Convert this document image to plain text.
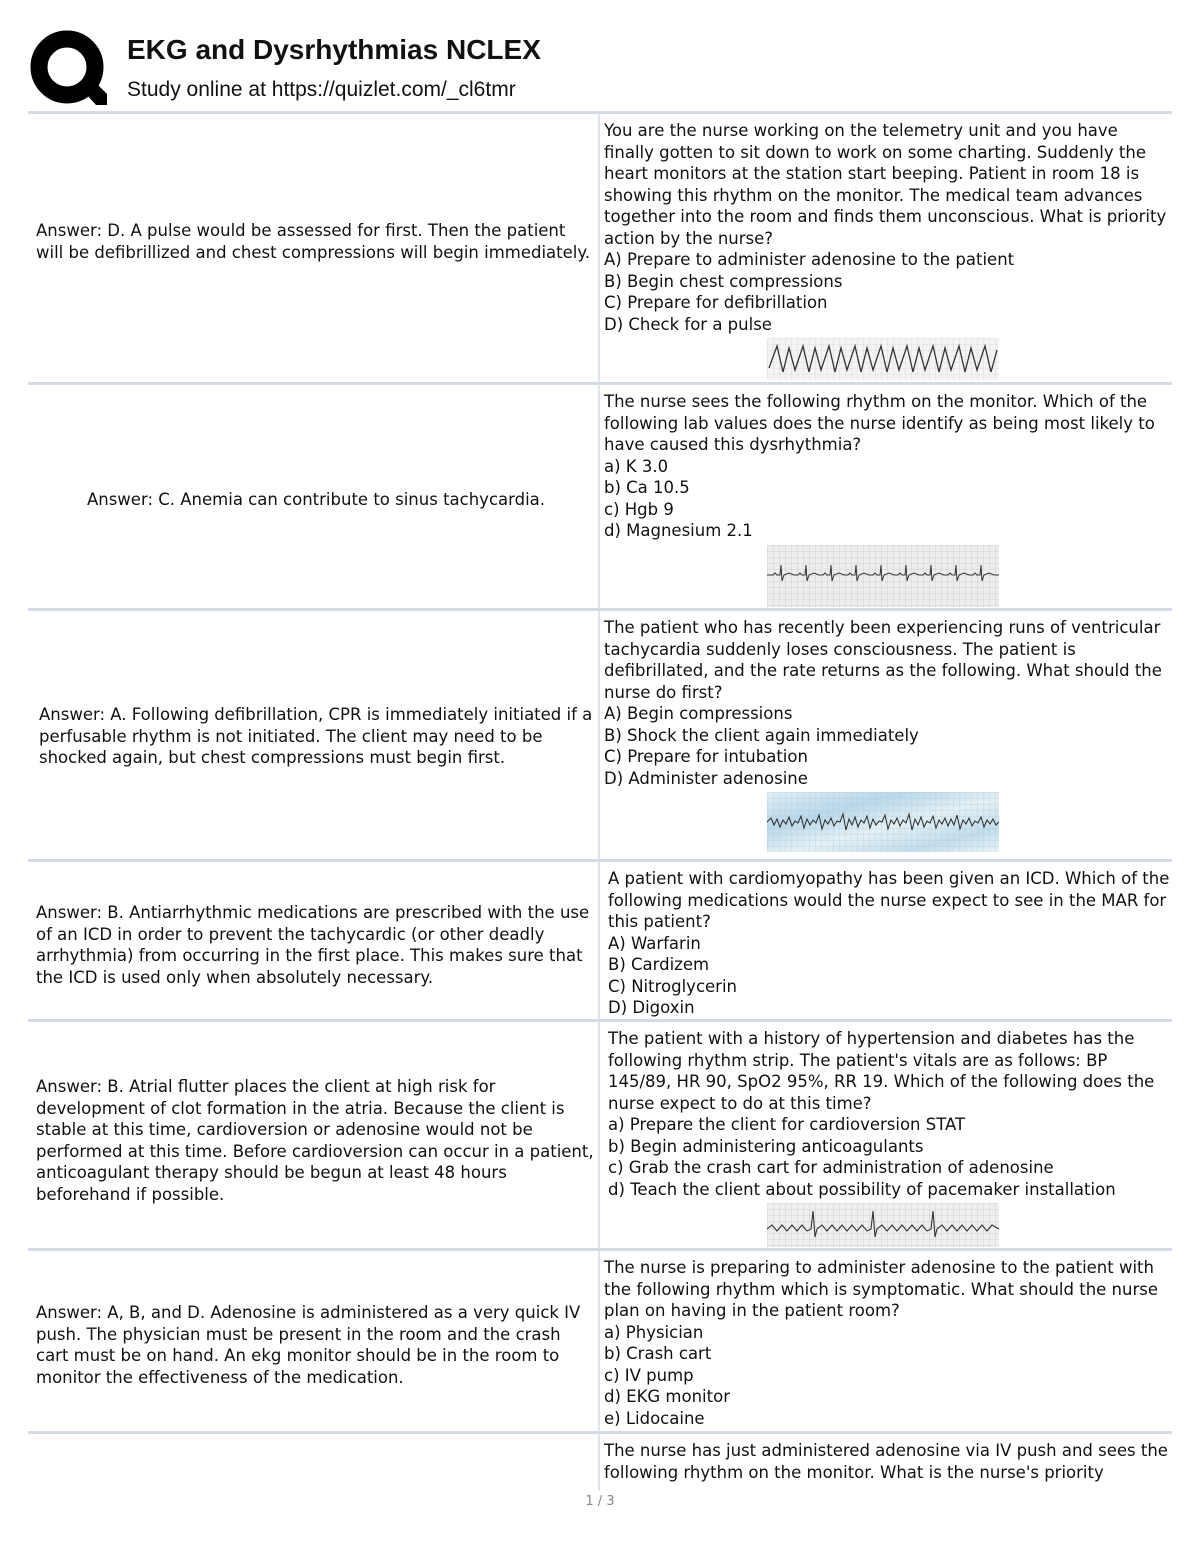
EKG and Dysrhythmias NCLEX
Study online at https://quizlet.com/_cl6tmr
Answer: D. A pulse would be assessed for first. Then the patient will be defibrillized and chest compressions will begin immediately.

You are the nurse working on the telemetry unit and you have finally gotten to sit down to work on some charting. Suddenly the heart monitors at the station start beeping. Patient in room 18 is showing this rhythm on the monitor. The medical team advances together into the room and finds them unconscious. What is priority action by the nurse?

A) Prepare to administer adenosine to the patient

B) Begin chest compressions

C) Prepare for defibrillation

D) Check for a pulse

Answer: C. Anemia can contribute to sinus tachycardia.

The nurse sees the following rhythm on the monitor. Which of the following lab values does the nurse identify as being most likely to have caused this dysrhythmia?

a) K 3.0

b) Ca 10.5

c) Hgb 9

d) Magnesium 2.1

Answer: A. Following defibrillation, CPR is immediately initiated if a perfusable rhythm is not initiated. The client may need to be shocked again, but chest compressions must begin first.

The patient who has recently been experiencing runs of ventricular tachycardia suddenly loses consciousness. The patient is defibrillated, and the rate returns as the following. What should the nurse do first?

A) Begin compressions

B) Shock the client again immediately

C) Prepare for intubation

D) Administer adenosine

Answer: B. Antiarrhythmic medications are prescribed with the use of an ICD in order to prevent the tachycardic (or other deadly arrhythmia) from occurring in the first place. This makes sure that the ICD is used only when absolutely necessary.

A patient with cardiomyopathy has been given an ICD. Which of the following medications would the nurse expect to see in the MAR for this patient?

A) Warfarin

B) Cardizem

C) Nitroglycerin

D) Digoxin

Answer: B. Atrial flutter places the client at high risk for development of clot formation in the atria. Because the client is stable at this time, cardioversion or adenosine would not be performed at this time. Before cardioversion can occur in a patient, anticoagulant therapy should be begun at least 48 hours beforehand if possible.

The patient with a history of hypertension and diabetes has the following rhythm strip. The patient's vitals are as follows: BP 145/89, HR 90, SpO2 95%, RR 19. Which of the following does the nurse expect to do at this time?

a) Prepare the client for cardioversion STAT

b) Begin administering anticoagulants

c) Grab the crash cart for administration of adenosine

d) Teach the client about possibility of pacemaker installation

Answer: A, B, and D. Adenosine is administered as a very quick IV push. The physician must be present in the room and the crash cart must be on hand. An ekg monitor should be in the room to monitor the effectiveness of the medication.

The nurse is preparing to administer adenosine to the patient with the following rhythm which is symptomatic. What should the nurse plan on having in the patient room?

a) Physician

b) Crash cart

c) IV pump

d) EKG monitor

e) Lidocaine

The nurse has just administered adenosine via IV push and sees the following rhythm on the monitor. What is the nurse's priority

1 / 3
